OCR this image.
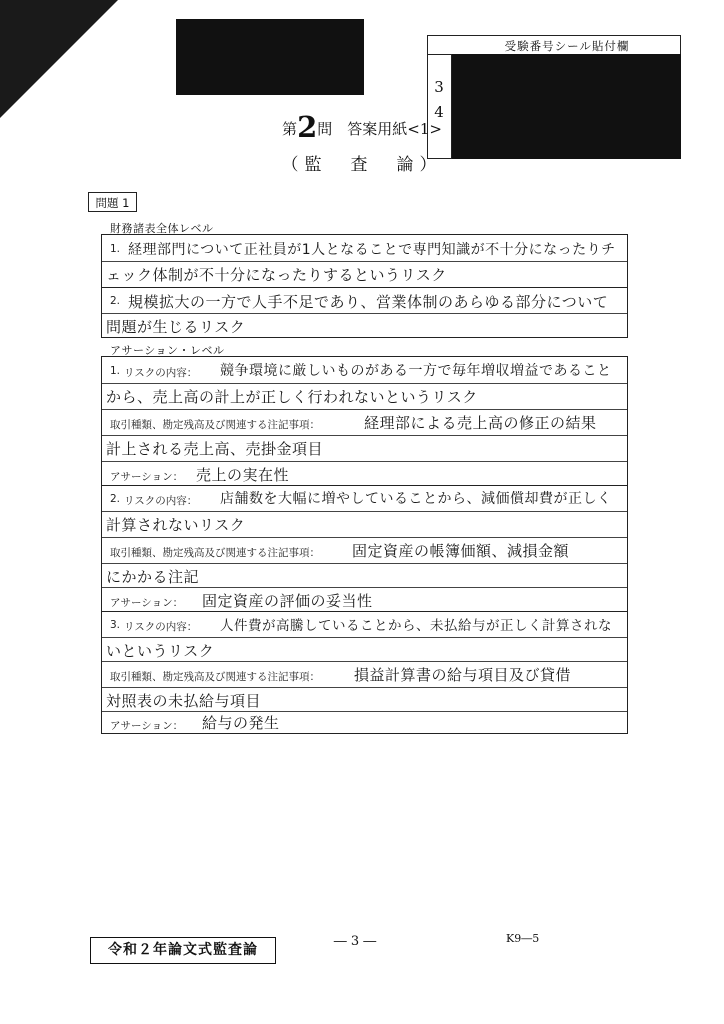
受験番号シール貼付欄
3
4
第2問　答案用紙<1>
（監　査　論）
問題 1
財務諸表全体レベル
1. 経理部門について正社員が1人となることで専門知識が不十分になったりチ
ェック体制が不十分になったりするというリスク
2. 規模拡大の一方で人手不足であり、営業体制のあらゆる部分について
問題が生じるリスク
アサーション・レベル
1. リスクの内容： 競争環境に厳しいものがある一方で毎年増収増益であること
から、売上高の計上が正しく行われないというリスク
取引種類、勘定残高及び関連する注記事項：	経理部による売上高の修正の結果
計上される売上高、売掛金項目
アサーション： 売上の実在性
2. リスクの内容： 店舗数を大幅に増やしていることから、減価償却費が正しく
計算されないリスク
取引種類、勘定残高及び関連する注記事項： 固定資産の帳簿価額、減損金額
にかかる注記
アサーション： 固定資産の評価の妥当性
3. リスクの内容： 人件費が高騰していることから、未払給与が正しく計算されな
いというリスク
取引種類、勘定残高及び関連する注記事項： 損益計算書の給与項目及び貸借
対照表の未払給与項目
アサーション： 給与の発生
令和２年論文式監査論
― 3 ―	K9―5
